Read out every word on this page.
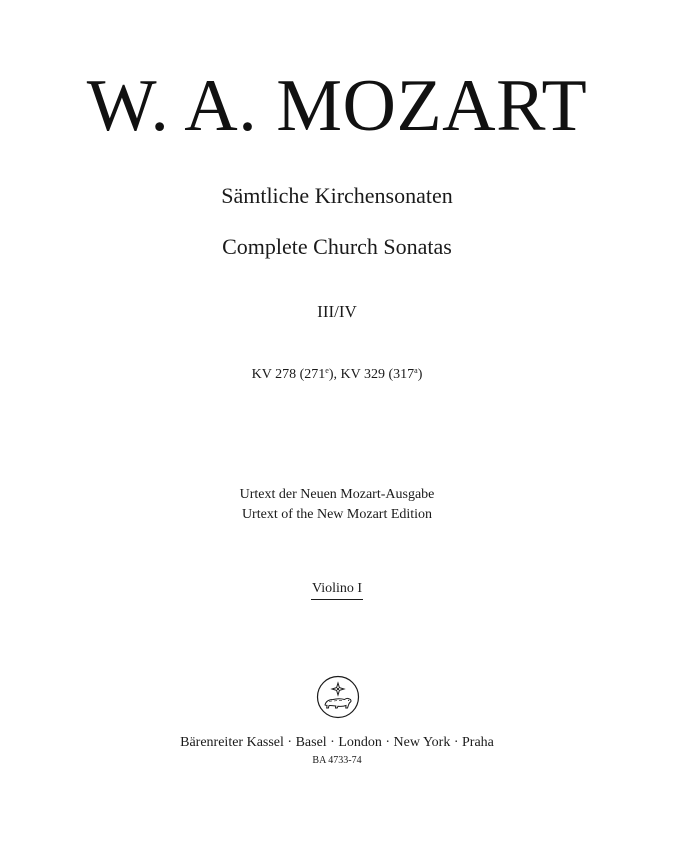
W. A. MOZART
Sämtliche Kirchensonaten
Complete Church Sonatas
III/IV
KV 278 (271e), KV 329 (317$^a$)
Urtext der Neuen Mozart-Ausgabe
Urtext of the New Mozart Edition
Violino I
Bärenreiter Kassel · Basel · London · New York · Praha
BA 4733-74
